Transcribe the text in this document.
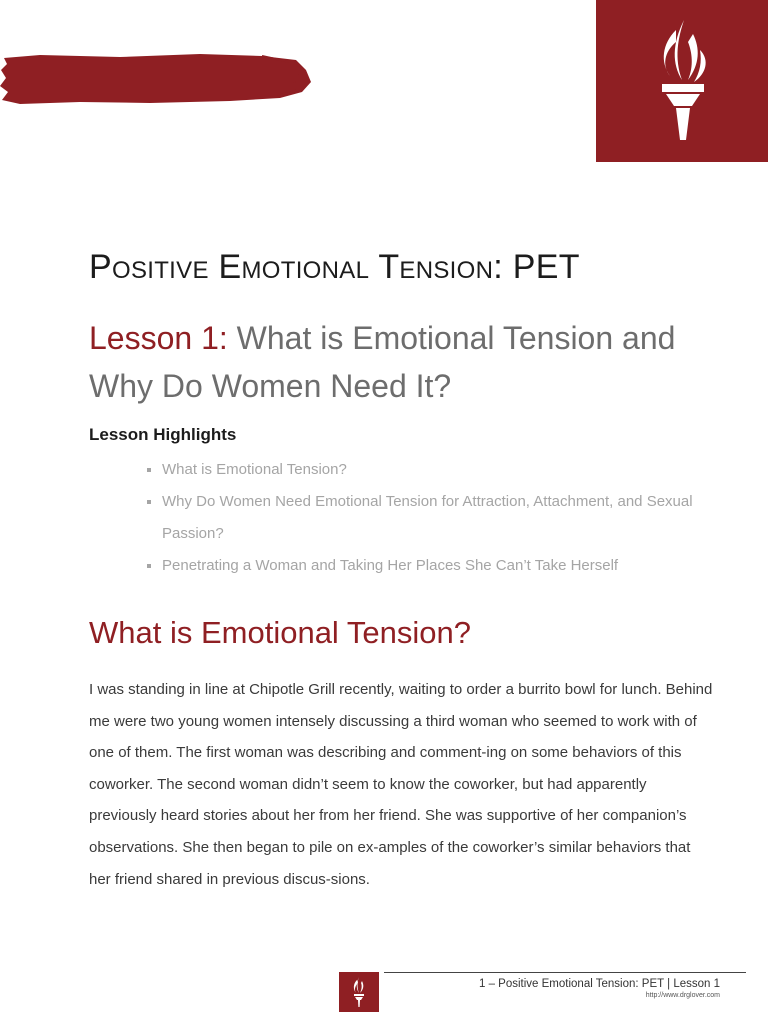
Text: Dr. Robert Glover
Positive Emotional Tension: PET
Lesson 1: What is Emotional Tension and Why Do Women Need It?
Lesson Highlights
What is Emotional Tension?
Why Do Women Need Emotional Tension for Attraction, Attachment, and Sexual Passion?
Penetrating a Woman and Taking Her Places She Can’t Take Herself
What is Emotional Tension?

I was standing in line at Chipotle Grill recently, waiting to order a burrito bowl for lunch. Behind me were two young women intensely discussing a third woman who seemed to work with of one of them. The first woman was describing and comment-ing on some behaviors of this coworker. The second woman didn’t seem to know the coworker, but had apparently previously heard stories about her from her friend. She was supportive of her companion’s observations. She then began to pile on ex-amples of the coworker’s similar behaviors that her friend shared in previous discus-sions.

1 – Positive Emotional Tension: PET | Lesson 1
http://www.drglover.com
